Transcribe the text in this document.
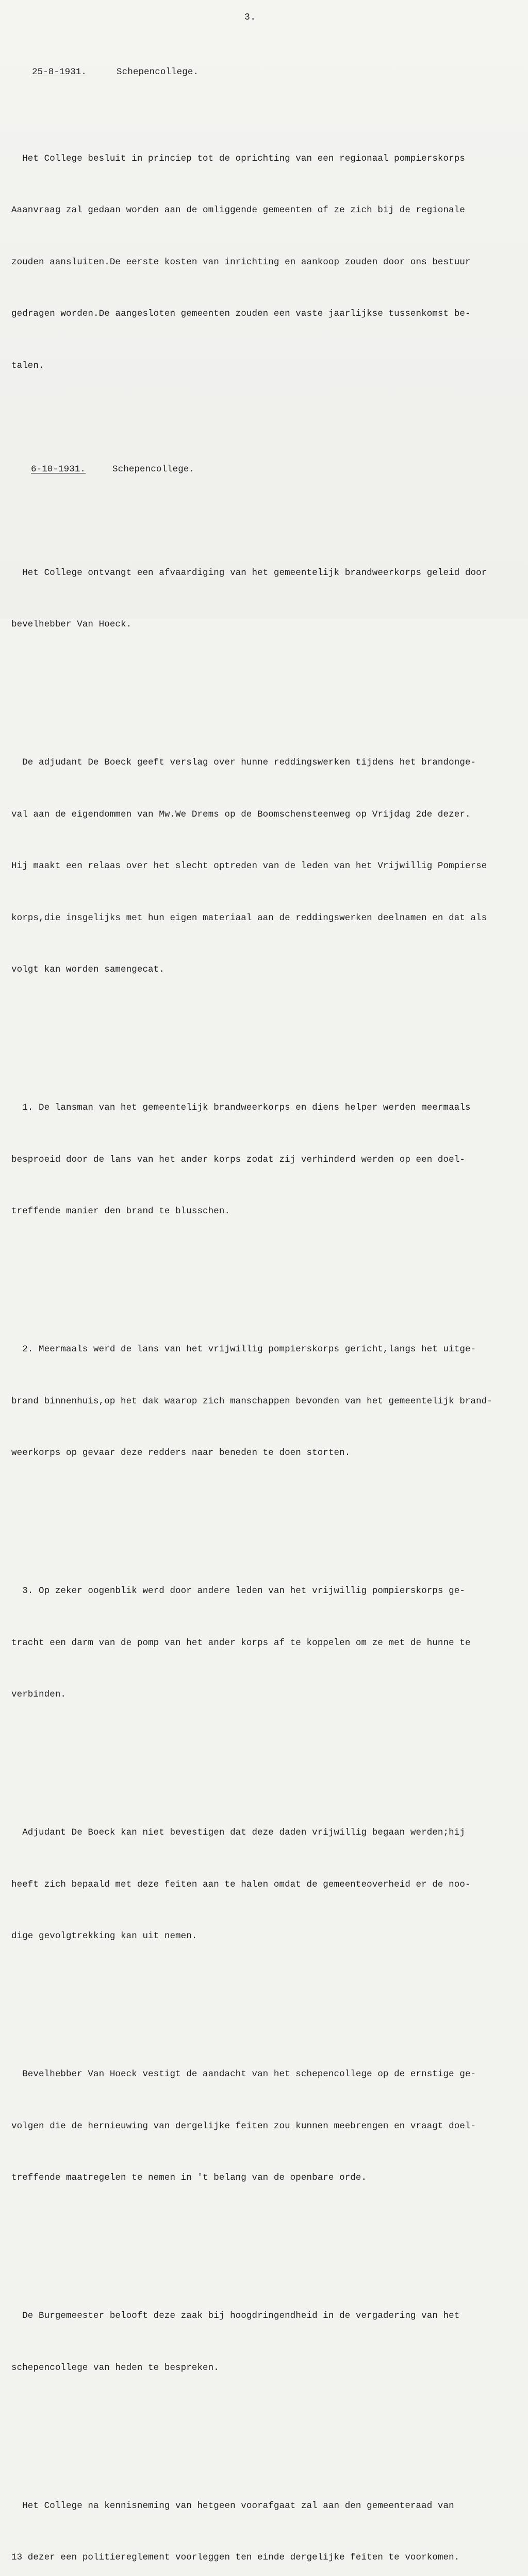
3.

25-8-1931.	Schepencollege.

Het College besluit in princiep tot de oprichting van een regionaal pompierskorps

Aaanvraag zal gedaan worden aan de omliggende gemeenten of ze zich bij de regionale

zouden aansluiten.De eerste kosten van inrichting en aankoop zouden door ons bestuur

gedragen worden.De aangesloten gemeenten zouden een vaste jaarlijkse tussenkomst be-

talen.

6-10-1931.	Schepencollege.

Het College ontvangt een afvaardiging van het gemeentelijk brandweerkorps geleid door

bevelhebber Van Hoeck.

De adjudant De Boeck geeft verslag over hunne reddingswerken tijdens het brandonge-

val aan de eigendommen van Mw.We Drems op de Boomschensteenweg op Vrijdag 2de dezer.

Hij maakt een relaas over het slecht optreden van de leden van het Vrijwillig Pompierse

korps,die insgelijks met hun eigen materiaal aan de reddingswerken deelnamen en dat als

volgt kan worden samengecat.

1. De lansman van het gemeentelijk brandweerkorps en diens helper werden meermaals

besproeid door de lans van het ander korps zodat zij verhinderd werden op een doel-

treffende manier den brand te blusschen.

2. Meermaals werd de lans van het vrijwillig pompierskorps gericht,langs het uitge-

brand binnenhuis,op het dak waarop zich manschappen bevonden van het gemeentelijk brand-

weerkorps op gevaar deze redders naar beneden te doen storten.

3. Op zeker oogenblik werd door andere leden van het vrijwillig pompierskorps ge-

tracht een darm van de pomp van het ander korps af te koppelen om ze met de hunne te

verbinden.

Adjudant De Boeck kan niet bevestigen dat deze daden vrijwillig begaan werden;hij

heeft zich bepaald met deze feiten aan te halen omdat de gemeenteoverheid er de noo-

dige gevolgtrekking kan uit nemen.

Bevelhebber Van Hoeck vestigt de aandacht van het schepencollege op de ernstige ge-

volgen die de hernieuwing van dergelijke feiten zou kunnen meebrengen en vraagt doel-

treffende maatregelen te nemen in 't belang van de openbare orde.

De Burgemeester belooft deze zaak bij hoogdringendheid in de vergadering van het

schepencollege van heden te bespreken.

Het College na kennisneming van hetgeen voorafgaat zal aan den gemeenteraad van

13 dezer een politiereglement voorleggen ten einde dergelijke feiten te voorkomen.
